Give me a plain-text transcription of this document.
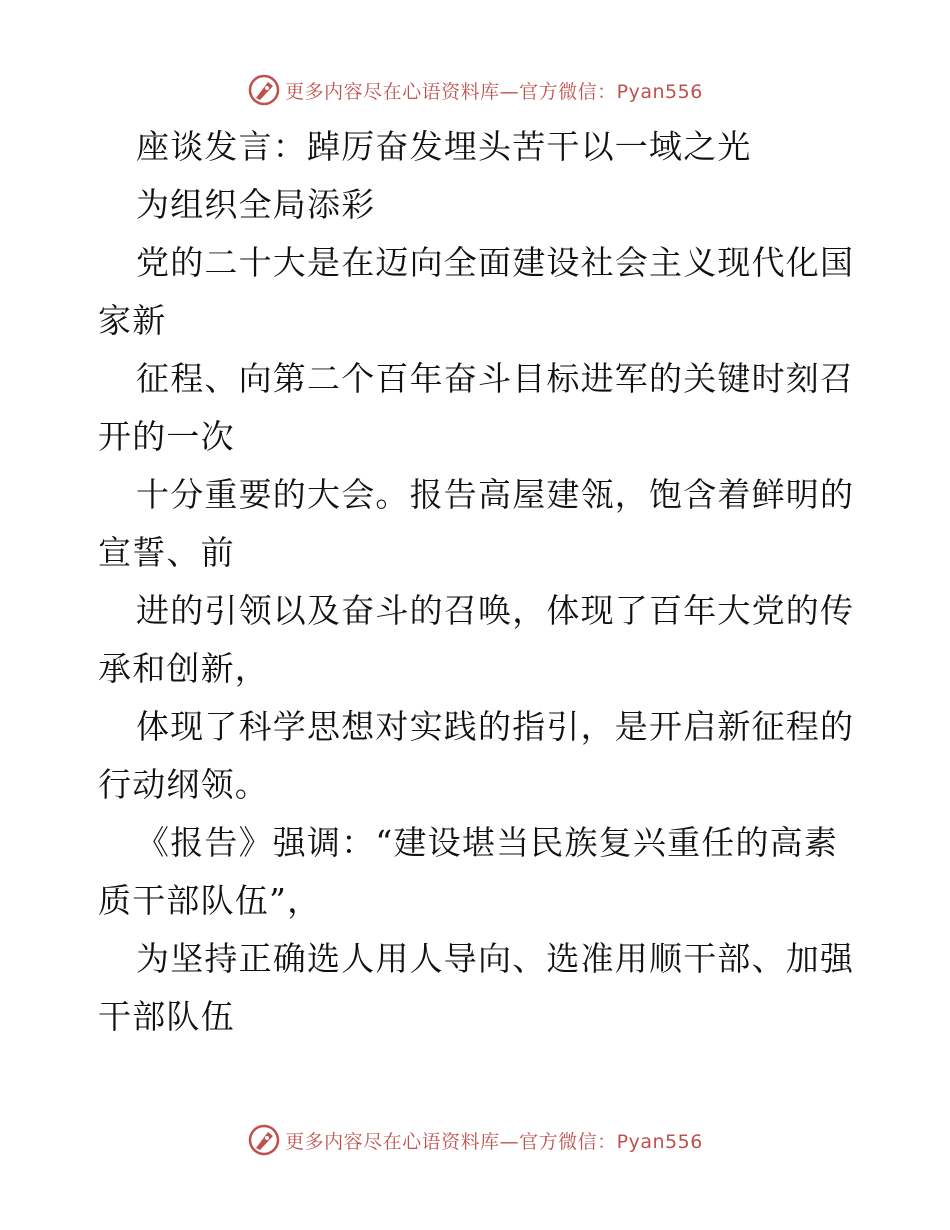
更多内容尽在心语资料库—官方微信：Pyan556
座谈发言：踔厉奋发埋头苦干以一域之光
为组织全局添彩
党的二十大是在迈向全面建设社会主义现代化国
家新
征程、向第二个百年奋斗目标进军的关键时刻召
开的一次
十分重要的大会。报告高屋建瓴，饱含着鲜明的
宣誓、前
进的引领以及奋斗的召唤，体现了百年大党的传
承和创新，
体现了科学思想对实践的指引，是开启新征程的
行动纲领。
《报告》强调：“建设堪当民族复兴重任的高素
质干部队伍”，
为坚持正确选人用人导向、选准用顺干部、加强
干部队伍
更多内容尽在心语资料库—官方微信：Pyan556
